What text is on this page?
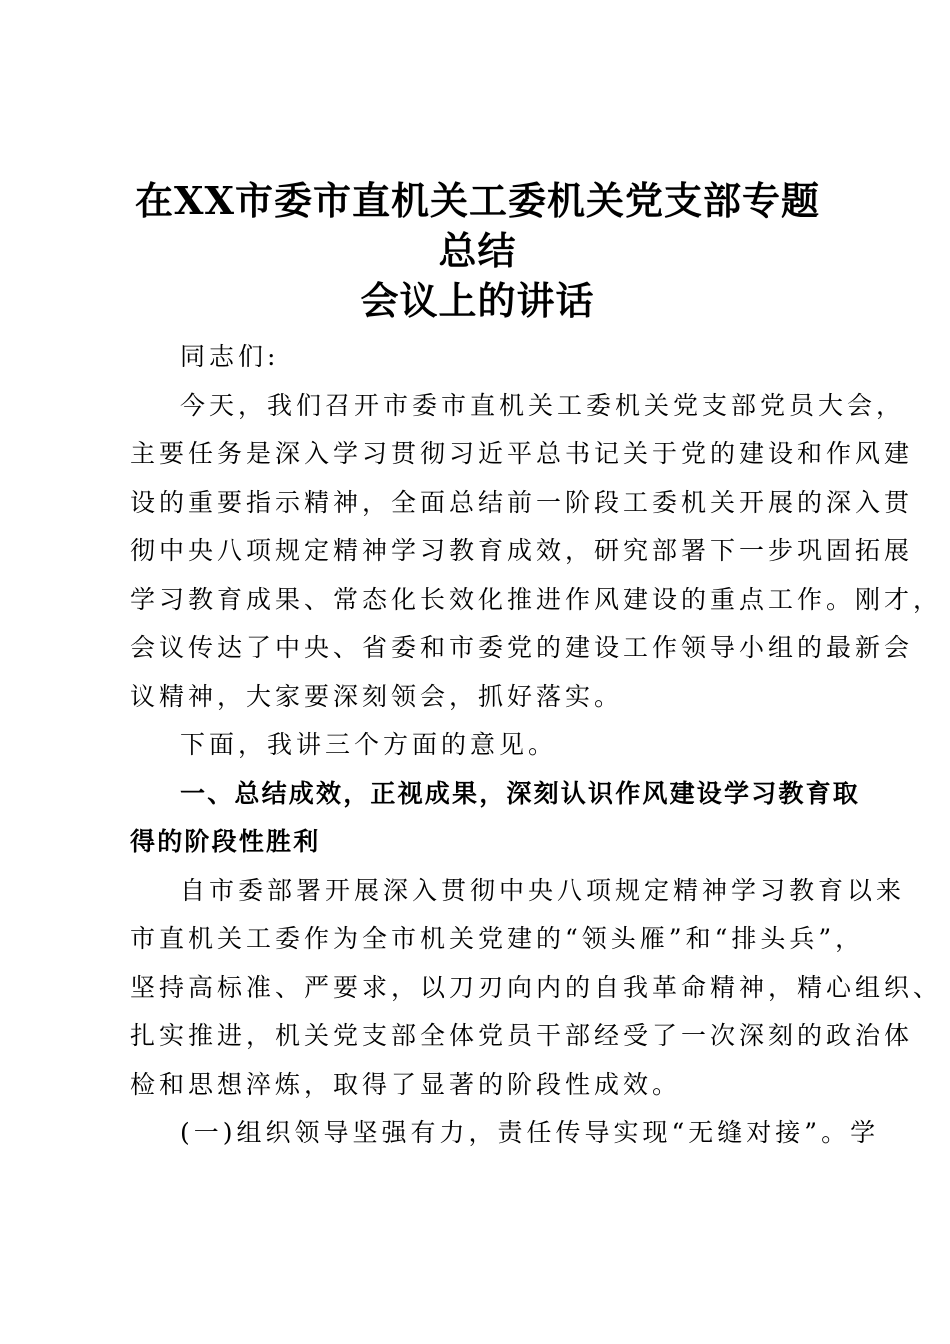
在XX市委市直机关工委机关党支部专题总结
会议上的讲话
同志们:
今天，我们召开市委市直机关工委机关党支部党员大会，
主要任务是深入学习贯彻习近平总书记关于党的建设和作风建
设的重要指示精神，全面总结前一阶段工委机关开展的深入贯
彻中央八项规定精神学习教育成效，研究部署下一步巩固拓展
学习教育成果、常态化长效化推进作风建设的重点工作。刚才，
会议传达了中央、省委和市委党的建设工作领导小组的最新会
议精神，大家要深刻领会，抓好落实。
下面，我讲三个方面的意见。
一、总结成效，正视成果，深刻认识作风建设学习教育取
得的阶段性胜利
自市委部署开展深入贯彻中央八项规定精神学习教育以来
市直机关工委作为全市机关党建的“领头雁”和“排头兵”，
坚持高标准、严要求，以刀刃向内的自我革命精神，精心组织、
扎实推进，机关党支部全体党员干部经受了一次深刻的政治体
检和思想淬炼，取得了显著的阶段性成效。
(一)组织领导坚强有力，责任传导实现“无缝对接”。学
